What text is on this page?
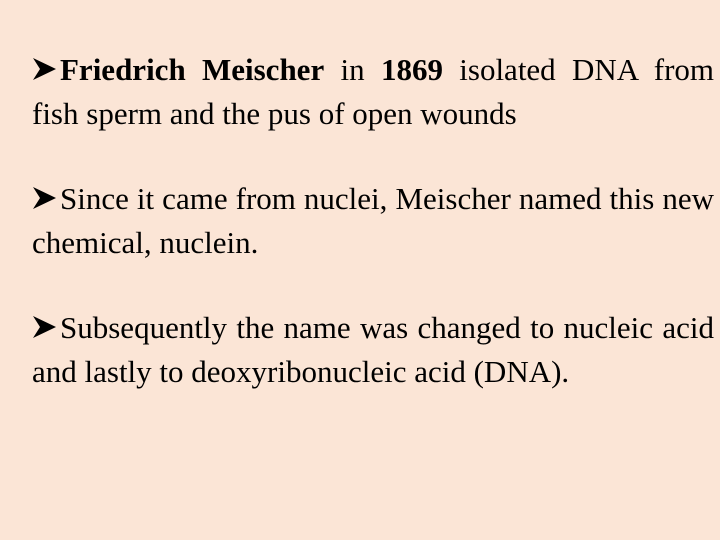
Friedrich Meischer in 1869 isolated DNA from fish sperm and the pus of open wounds

Since it came from nuclei, Meischer named this new chemical, nuclein.

Subsequently the name was changed to nucleic acid and lastly to deoxyribonucleic acid (DNA).
